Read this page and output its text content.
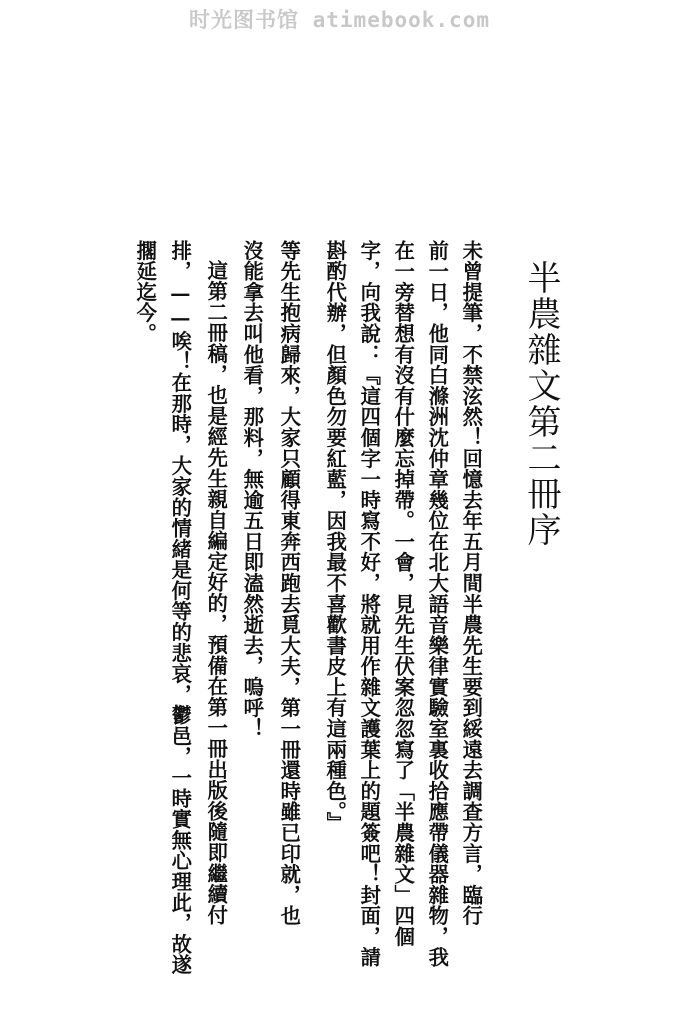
时光图书馆 atimebook.com
半農雜文第二冊序
未曾提筆，不禁泫然！回憶去年五月間半農先生要到綏遠去調查方言，臨行
前一日，他同白滌洲沈仲章幾位在北大語音樂律實驗室裏收拾應帶儀器雜物，我
在一旁替想有沒有什麼忘掉帶。一會，見先生伏案忽忽寫了「半農雜文」四個
字，向我說：『這四個字一時寫不好，將就用作雜文護葉上的題簽吧！封面，請
斟酌代辦，但顏色勿要紅藍，因我最不喜歡書皮上有這兩種色。』
等先生抱病歸來，大家只顧得東奔西跑去覓大夫，第一冊還時雖已印就，也
沒能拿去叫他看，那料，無逾五日即溘然逝去，嗚呼！
這第二冊稿，也是經先生親自編定好的，預備在第一冊出版後隨即繼續付
排，——唉！在那時，大家的情緒是何等的悲哀，鬱邑，一時實無心理此，故遂
擱延迄今。
